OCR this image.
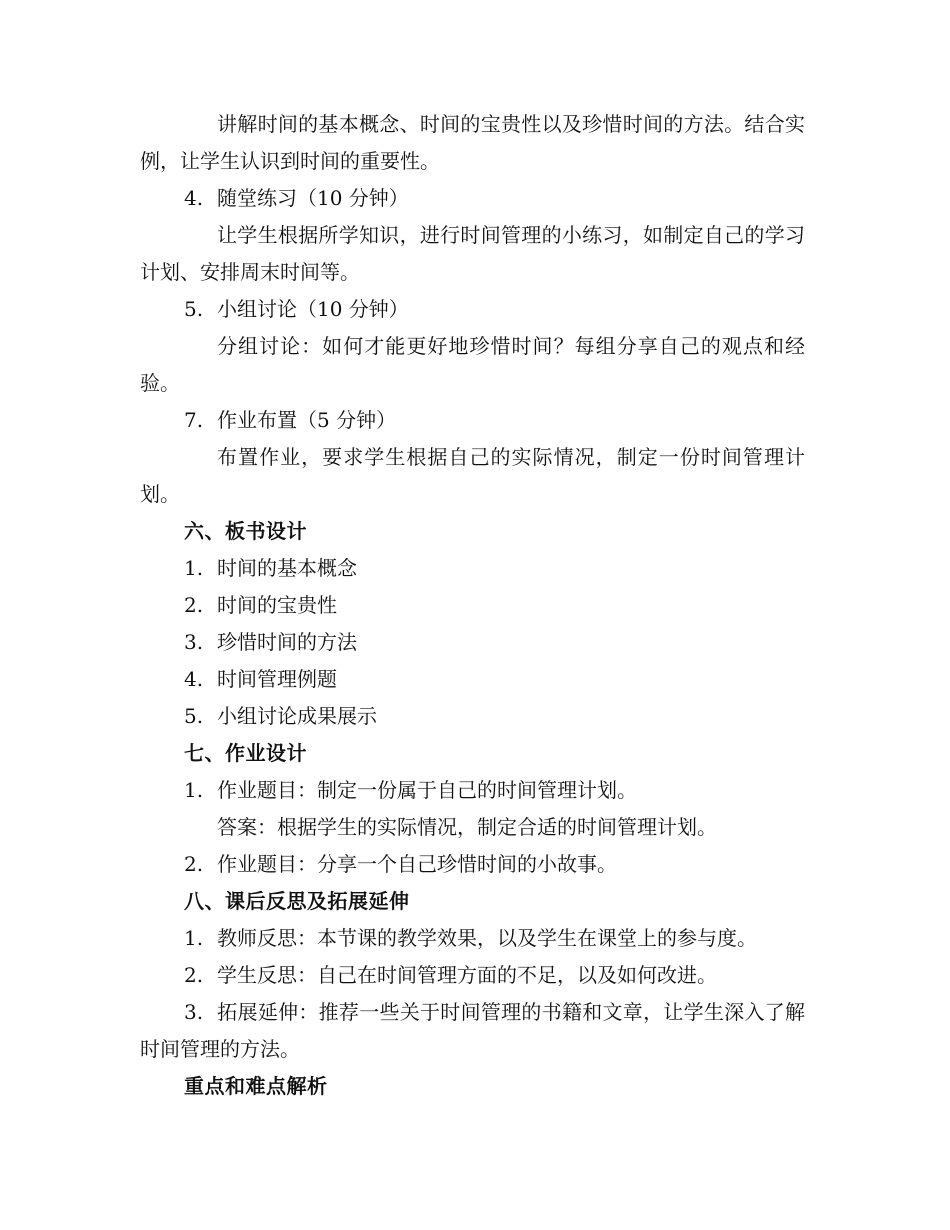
讲解时间的基本概念、时间的宝贵性以及珍惜时间的方法。结合实例，让学生认识到时间的重要性。

4. 随堂练习（10 分钟）

让学生根据所学知识，进行时间管理的小练习，如制定自己的学习计划、安排周末时间等。

5. 小组讨论（10 分钟）

分组讨论：如何才能更好地珍惜时间？每组分享自己的观点和经验。

7. 作业布置（5 分钟）

布置作业，要求学生根据自己的实际情况，制定一份时间管理计划。

六、板书设计

1. 时间的基本概念

2. 时间的宝贵性

3. 珍惜时间的方法

4. 时间管理例题

5. 小组讨论成果展示

七、作业设计

1. 作业题目：制定一份属于自己的时间管理计划。

答案：根据学生的实际情况，制定合适的时间管理计划。

2. 作业题目：分享一个自己珍惜时间的小故事。

八、课后反思及拓展延伸

1. 教师反思：本节课的教学效果，以及学生在课堂上的参与度。

2. 学生反思：自己在时间管理方面的不足，以及如何改进。

3. 拓展延伸：推荐一些关于时间管理的书籍和文章，让学生深入了解时间管理的方法。

重点和难点解析
